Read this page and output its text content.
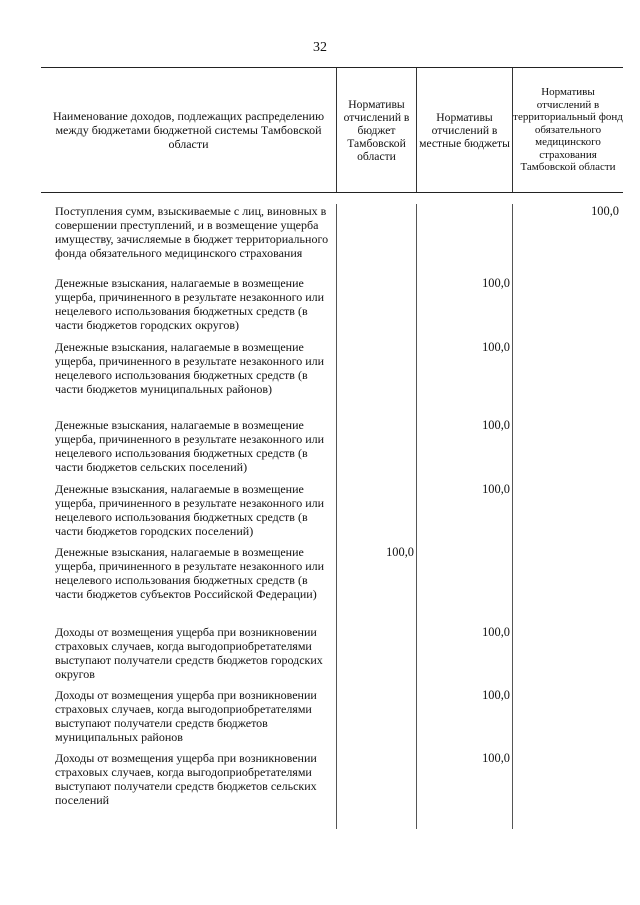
32
Наименование доходов, подлежащих распределению между бюджетами бюджетной системы Тамбовской области
Нормативы отчислений в бюджет Тамбовской области
Нормативы отчислений в местные бюджеты
Нормативы отчислений в территориальный фонд обязательного медицинского страхования Тамбовской области
Поступления сумм, взыскиваемые с лиц, виновных в совершении преступлений, и в возмещение ущерба имуществу, зачисляемые в бюджет территориального фонда обязательного медицинского страхования
100,0
Денежные взыскания, налагаемые в возмещение ущерба, причиненного в результате незаконного или нецелевого использования бюджетных средств (в части бюджетов городских округов)
100,0
Денежные взыскания, налагаемые в возмещение ущерба, причиненного в результате незаконного или нецелевого использования бюджетных средств (в части бюджетов муниципальных районов)
100,0
Денежные взыскания, налагаемые в возмещение ущерба, причиненного в результате незаконного или нецелевого использования бюджетных средств (в части бюджетов сельских поселений)
100,0
Денежные взыскания, налагаемые в возмещение ущерба, причиненного в результате незаконного или нецелевого использования бюджетных средств (в части бюджетов городских поселений)
100,0
Денежные взыскания, налагаемые в возмещение ущерба, причиненного в результате незаконного или нецелевого использования бюджетных средств (в части бюджетов субъектов Российской Федерации)
100,0
Доходы от возмещения ущерба при возникновении страховых случаев, когда выгодоприобретателями выступают получатели средств бюджетов городских округов
100,0
Доходы от возмещения ущерба при возникновении страховых случаев, когда выгодоприобретателями выступают получатели средств бюджетов муниципальных районов
100,0
Доходы от возмещения ущерба при возникновении страховых случаев, когда выгодоприобретателями выступают получатели средств бюджетов сельских поселений
100,0
